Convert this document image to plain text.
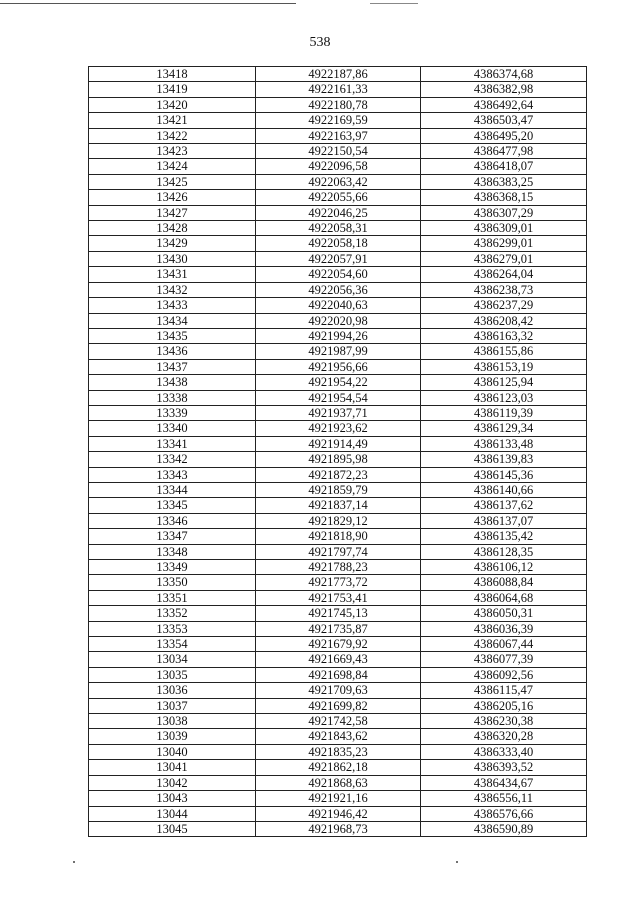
538
13418	4922187,86	4386374,68
13419	4922161,33	4386382,98
13420	4922180,78	4386492,64
13421	4922169,59	4386503,47
13422	4922163,97	4386495,20
13423	4922150,54	4386477,98
13424	4922096,58	4386418,07
13425	4922063,42	4386383,25
13426	4922055,66	4386368,15
13427	4922046,25	4386307,29
13428	4922058,31	4386309,01
13429	4922058,18	4386299,01
13430	4922057,91	4386279,01
13431	4922054,60	4386264,04
13432	4922056,36	4386238,73
13433	4922040,63	4386237,29
13434	4922020,98	4386208,42
13435	4921994,26	4386163,32
13436	4921987,99	4386155,86
13437	4921956,66	4386153,19
13438	4921954,22	4386125,94
13338	4921954,54	4386123,03
13339	4921937,71	4386119,39
13340	4921923,62	4386129,34
13341	4921914,49	4386133,48
13342	4921895,98	4386139,83
13343	4921872,23	4386145,36
13344	4921859,79	4386140,66
13345	4921837,14	4386137,62
13346	4921829,12	4386137,07
13347	4921818,90	4386135,42
13348	4921797,74	4386128,35
13349	4921788,23	4386106,12
13350	4921773,72	4386088,84
13351	4921753,41	4386064,68
13352	4921745,13	4386050,31
13353	4921735,87	4386036,39
13354	4921679,92	4386067,44
13034	4921669,43	4386077,39
13035	4921698,84	4386092,56
13036	4921709,63	4386115,47
13037	4921699,82	4386205,16
13038	4921742,58	4386230,38
13039	4921843,62	4386320,28
13040	4921835,23	4386333,40
13041	4921862,18	4386393,52
13042	4921868,63	4386434,67
13043	4921921,16	4386556,11
13044	4921946,42	4386576,66
13045	4921968,73	4386590,89
